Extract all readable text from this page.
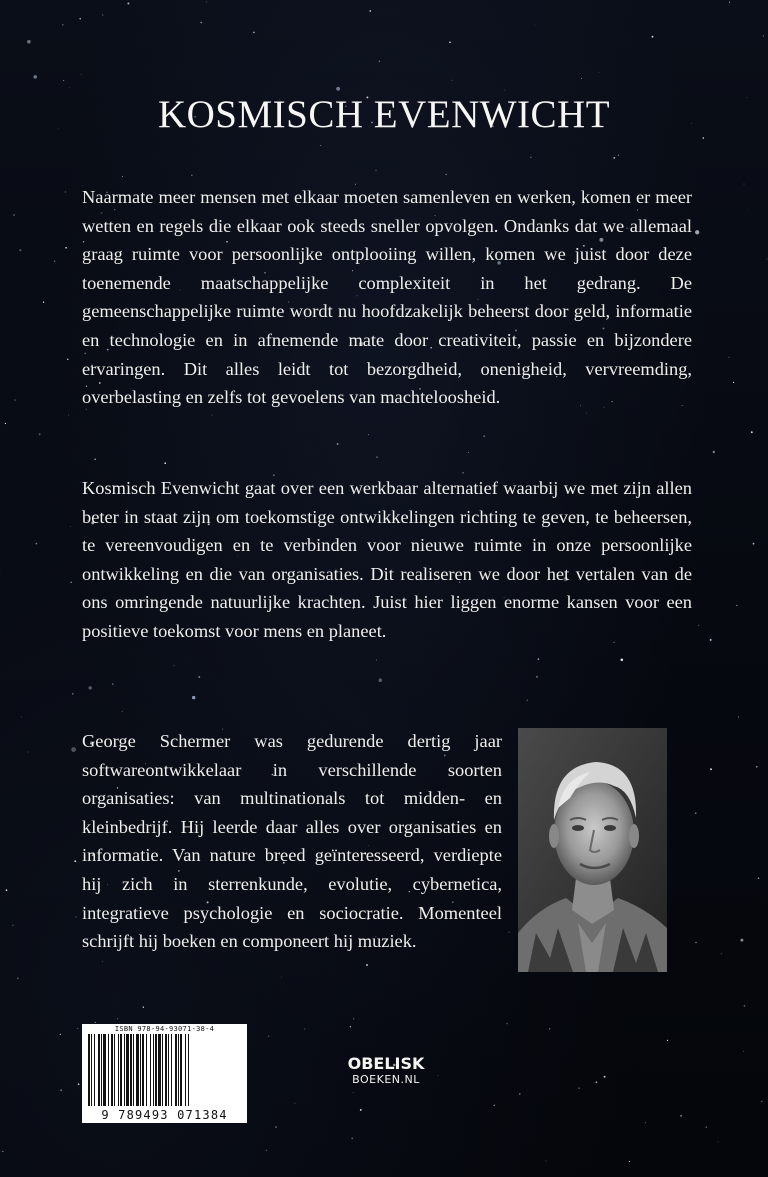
KOSMISCH EVENWICHT

Naarmate meer mensen met elkaar moeten samenleven en werken, komen er meer wetten en regels die elkaar ook steeds sneller opvolgen. Ondanks dat we allemaal graag ruimte voor persoonlijke ontplooiing willen, komen we juist door deze toenemende maatschappelijke complexiteit in het gedrang. De gemeenschappelijke ruimte wordt nu hoofdzakelijk beheerst door geld, informatie en technologie en in afnemende mate door creativiteit, passie en bijzondere ervaringen. Dit alles leidt tot bezorgdheid, onenigheid, vervreemding, overbelasting en zelfs tot gevoelens van machteloosheid.

Kosmisch Evenwicht gaat over een werkbaar alternatief waarbij we met zijn allen beter in staat zijn om toekomstige ontwikkelingen richting te geven, te beheersen, te vereenvoudigen en te verbinden voor nieuwe ruimte in onze persoonlijke ontwikkeling en die van organisaties. Dit realiseren we door het vertalen van de ons omringende natuurlijke krachten. Juist hier liggen enorme kansen voor een positieve toekomst voor mens en planeet.

George Schermer was gedurende dertig jaar softwareontwikkelaar in verschillende soorten organisaties: van multinationals tot midden- en kleinbedrijf. Hij leerde daar alles over organisaties en informatie. Van nature breed geïnteresseerd, verdiepte hij zich in sterrenkunde, evolutie, cybernetica, integratieve psychologie en sociocratie. Momenteel schrijft hij boeken en componeert hij muziek.

ISBN 978-94-93071-38-4
9 789493 071384
OBELISK
BOEKEN.NL
